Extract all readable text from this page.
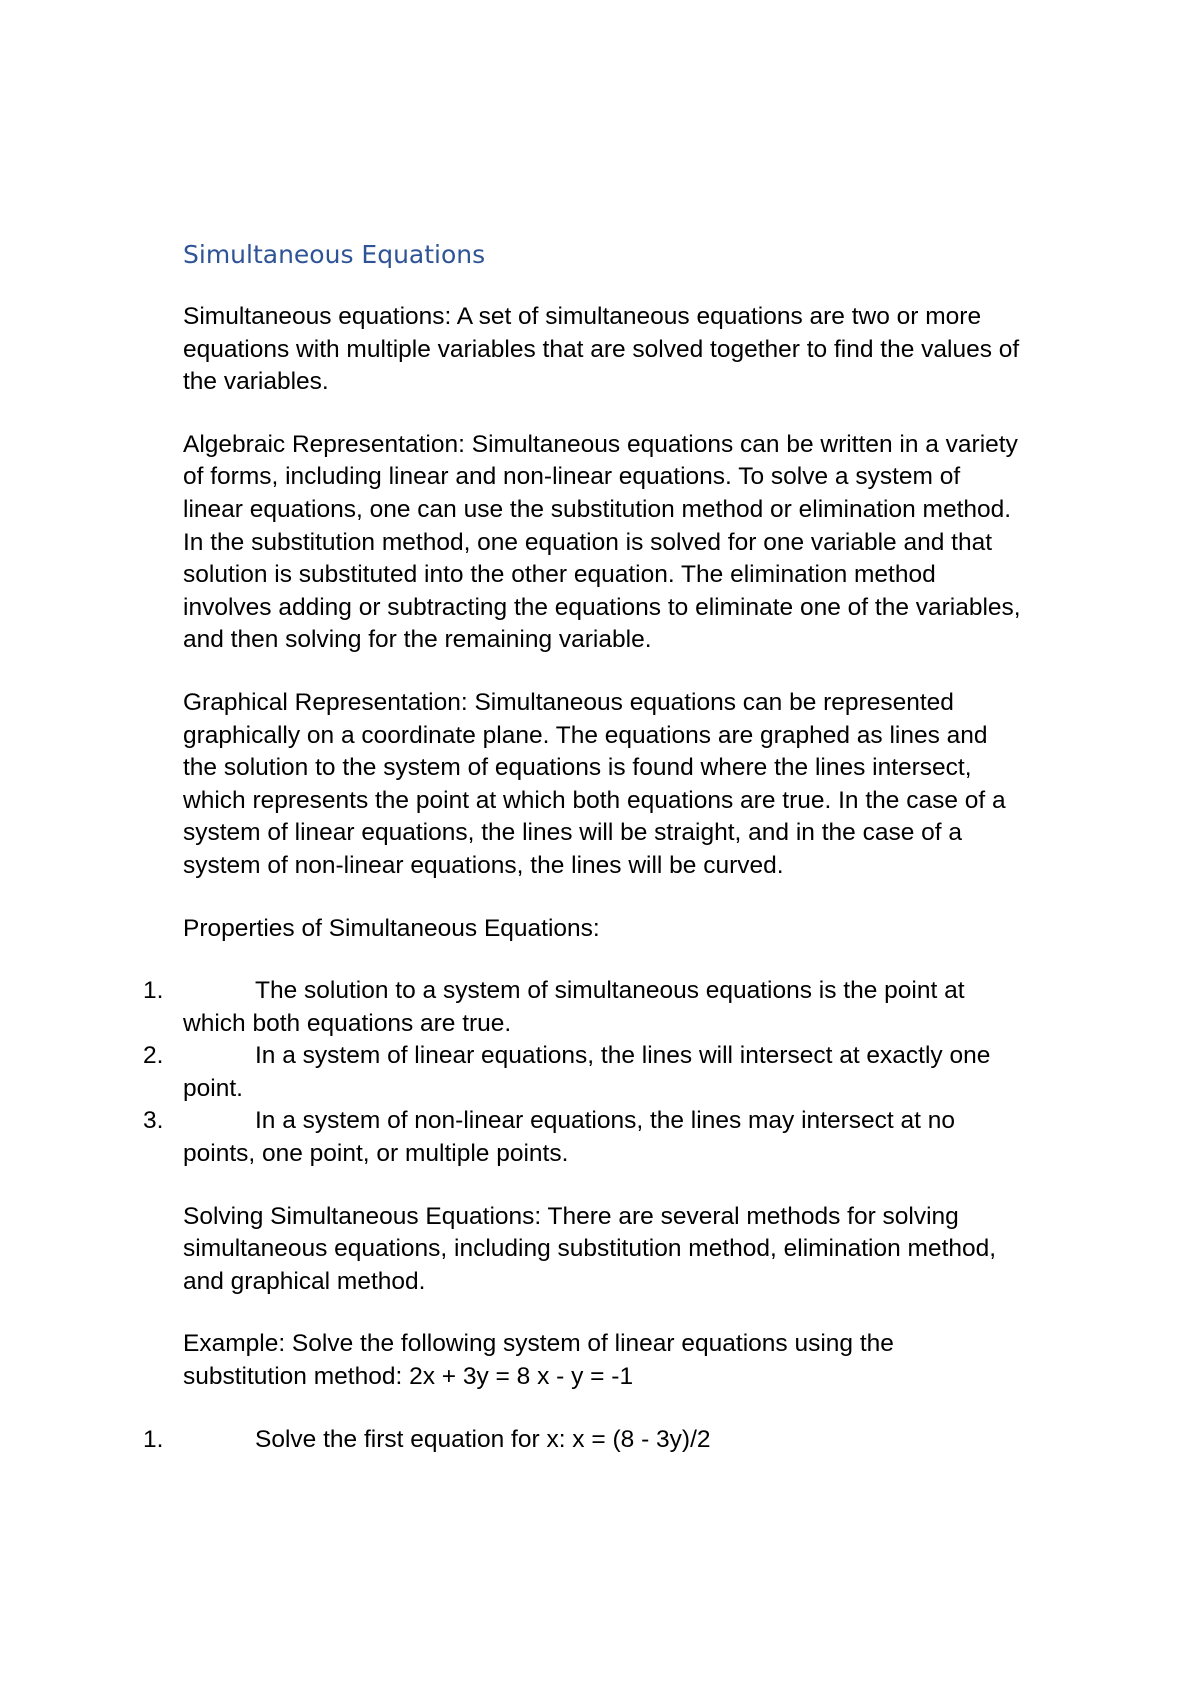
Simultaneous Equations

Simultaneous equations: A set of simultaneous equations are two or more equations with multiple variables that are solved together to find the values of the variables.

Algebraic Representation: Simultaneous equations can be written in a variety of forms, including linear and non-linear equations. To solve a system of linear equations, one can use the substitution method or elimination method. In the substitution method, one equation is solved for one variable and that solution is substituted into the other equation. The elimination method involves adding or subtracting the equations to eliminate one of the variables, and then solving for the remaining variable.

Graphical Representation: Simultaneous equations can be represented graphically on a coordinate plane. The equations are graphed as lines and the solution to the system of equations is found where the lines intersect, which represents the point at which both equations are true. In the case of a system of linear equations, the lines will be straight, and in the case of a system of non-linear equations, the lines will be curved.

Properties of Simultaneous Equations:

1.	The solution to a system of simultaneous equations is the point at which both equations are true.
2.	In a system of linear equations, the lines will intersect at exactly one point.
3.	In a system of non-linear equations, the lines may intersect at no points, one point, or multiple points.

Solving Simultaneous Equations: There are several methods for solving simultaneous equations, including substitution method, elimination method, and graphical method.

Example: Solve the following system of linear equations using the substitution method: 2x + 3y = 8 x - y = -1

1.	Solve the first equation for x: x = (8 - 3y)/2
